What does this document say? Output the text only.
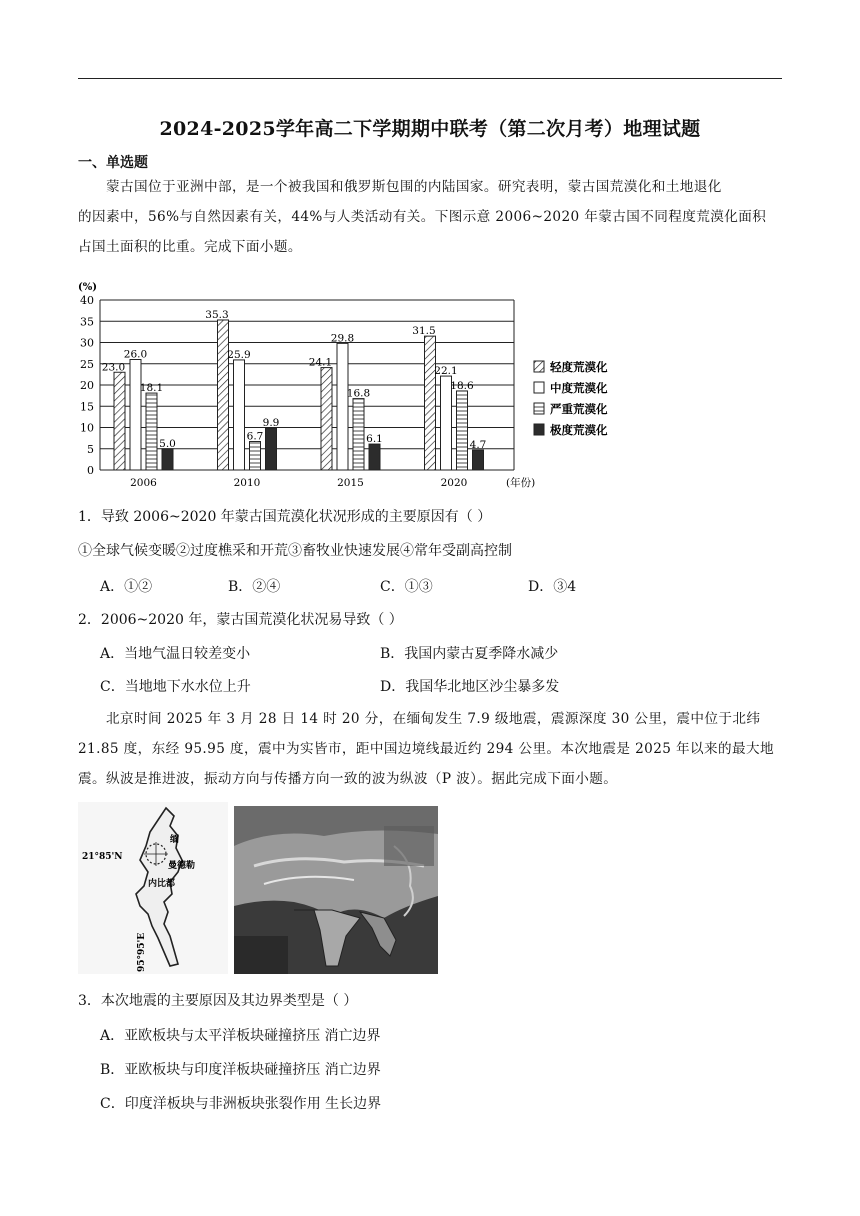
2024-2025学年高二下学期期中联考（第二次月考）地理试题
一、单选题
蒙古国位于亚洲中部，是一个被我国和俄罗斯包围的内陆国家。研究表明，蒙古国荒漠化和土地退化
的因素中，56%与自然因素有关，44%与人类活动有关。下图示意 2006~2020 年蒙古国不同程度荒漠化面积
占国土面积的比重。完成下面小题。
(%)
0
5
10
15
20
25
30
35
40
23.0
26.0
18.1
5.0
2006
35.3
25.9
6.7
9.9
2010
24.1
29.8
16.8
6.1
2015
31.5
22.1
18.6
4.7
2020	(年份)
轻度荒漠化
中度荒漠化
严重荒漠化
极度荒漠化
1．导致 2006~2020 年蒙古国荒漠化状况形成的主要原因有（ ）
①全球气候变暖②过度樵采和开荒③畜牧业快速发展④常年受副高控制
A．①②	B．②④	C．①③	D．③4
2．2006~2020 年，蒙古国荒漠化状况易导致（ ）
A．当地气温日较差变小	B．我国内蒙古夏季降水减少
C．当地地下水水位上升	D．我国华北地区沙尘暴多发
北京时间 2025 年 3 月 28 日 14 时 20 分，在缅甸发生 7.9 级地震，震源深度 30 公里，震中位于北纬
21.85 度，东经 95.95 度，震中为实皆市，距中国边境线最近约 294 公里。本次地震是 2025 年以来的最大地
震。纵波是推进波，振动方向与传播方向一致的波为纵波（P 波）。据此完成下面小题。
21°85'N
缅
曼德勒
内比都
95°95'E
3．本次地震的主要原因及其边界类型是（ ）
A．亚欧板块与太平洋板块碰撞挤压 消亡边界
B．亚欧板块与印度洋板块碰撞挤压 消亡边界
C．印度洋板块与非洲板块张裂作用 生长边界
